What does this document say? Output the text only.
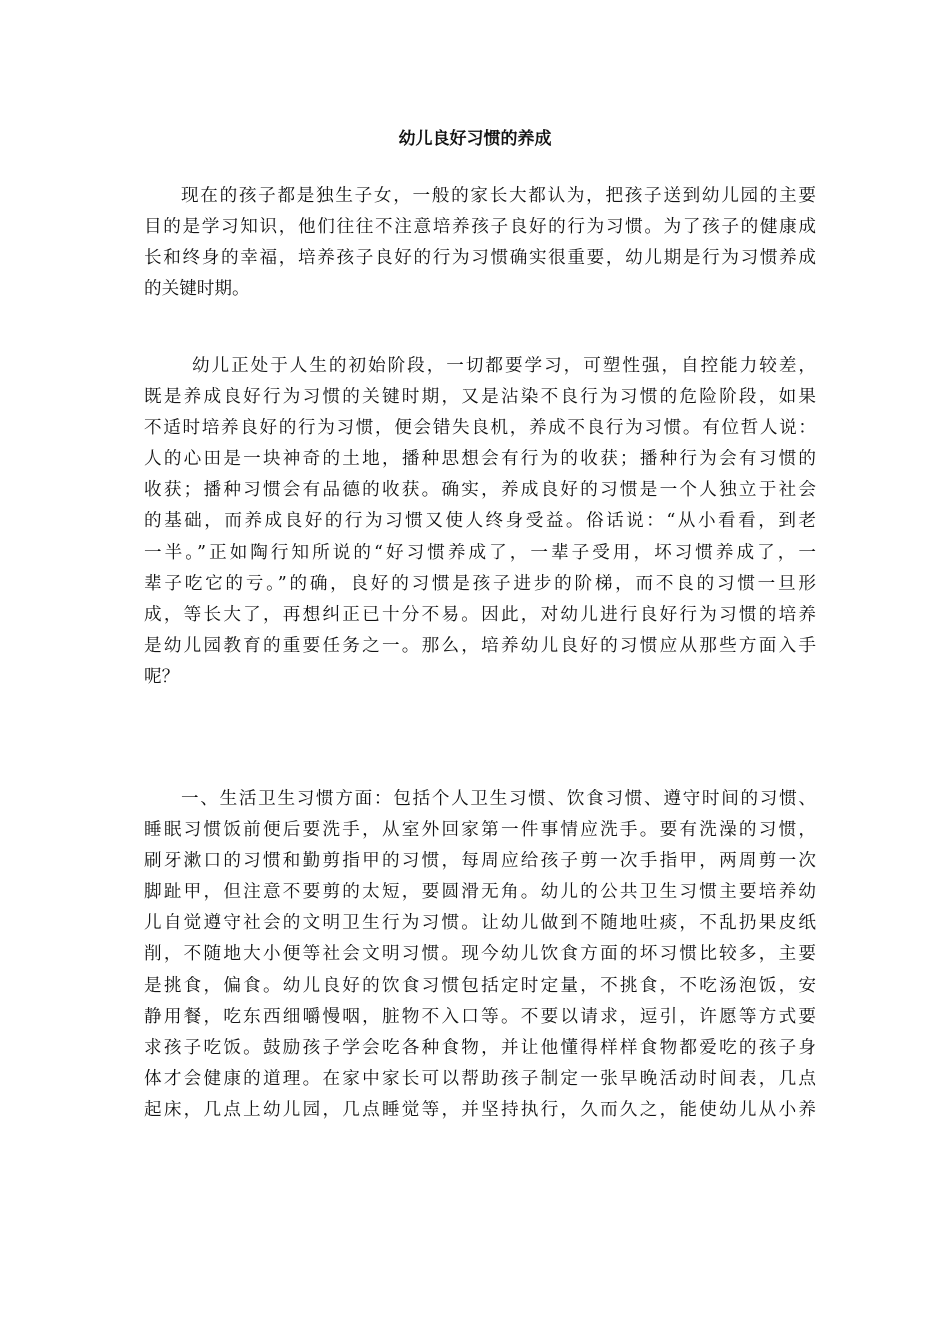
幼儿良好习惯的养成
现在的孩子都是独生子女，一般的家长大都认为，把孩子送到幼儿园的主要
目的是学习知识，他们往往不注意培养孩子良好的行为习惯。为了孩子的健康成
长和终身的幸福，培养孩子良好的行为习惯确实很重要，幼儿期是行为习惯养成
的关键时期。
幼儿正处于人生的初始阶段，一切都要学习，可塑性强，自控能力较差，
既是养成良好行为习惯的关键时期，又是沾染不良行为习惯的危险阶段，如果
不适时培养良好的行为习惯，便会错失良机，养成不良行为习惯。有位哲人说：
人的心田是一块神奇的土地，播种思想会有行为的收获；播种行为会有习惯的
收获；播种习惯会有品德的收获。确实，养成良好的习惯是一个人独立于社会
的基础，而养成良好的行为习惯又使人终身受益。俗话说：“从小看看，到老
一半。”正如陶行知所说的“好习惯养成了，一辈子受用，坏习惯养成了，一
辈子吃它的亏。”的确，良好的习惯是孩子进步的阶梯，而不良的习惯一旦形
成，等长大了，再想纠正已十分不易。因此，对幼儿进行良好行为习惯的培养
是幼儿园教育的重要任务之一。那么，培养幼儿良好的习惯应从那些方面入手
呢？
一、生活卫生习惯方面：包括个人卫生习惯、饮食习惯、遵守时间的习惯、
睡眠习惯饭前便后要洗手，从室外回家第一件事情应洗手。要有洗澡的习惯，
刷牙漱口的习惯和勤剪指甲的习惯，每周应给孩子剪一次手指甲，两周剪一次
脚趾甲，但注意不要剪的太短，要圆滑无角。幼儿的公共卫生习惯主要培养幼
儿自觉遵守社会的文明卫生行为习惯。让幼儿做到不随地吐痰，不乱扔果皮纸
削，不随地大小便等社会文明习惯。现今幼儿饮食方面的坏习惯比较多，主要
是挑食，偏食。幼儿良好的饮食习惯包括定时定量，不挑食，不吃汤泡饭，安
静用餐，吃东西细嚼慢咽，脏物不入口等。不要以请求，逗引，许愿等方式要
求孩子吃饭。鼓励孩子学会吃各种食物，并让他懂得样样食物都爱吃的孩子身
体才会健康的道理。在家中家长可以帮助孩子制定一张早晚活动时间表，几点
起床，几点上幼儿园，几点睡觉等，并坚持执行，久而久之，能使幼儿从小养
